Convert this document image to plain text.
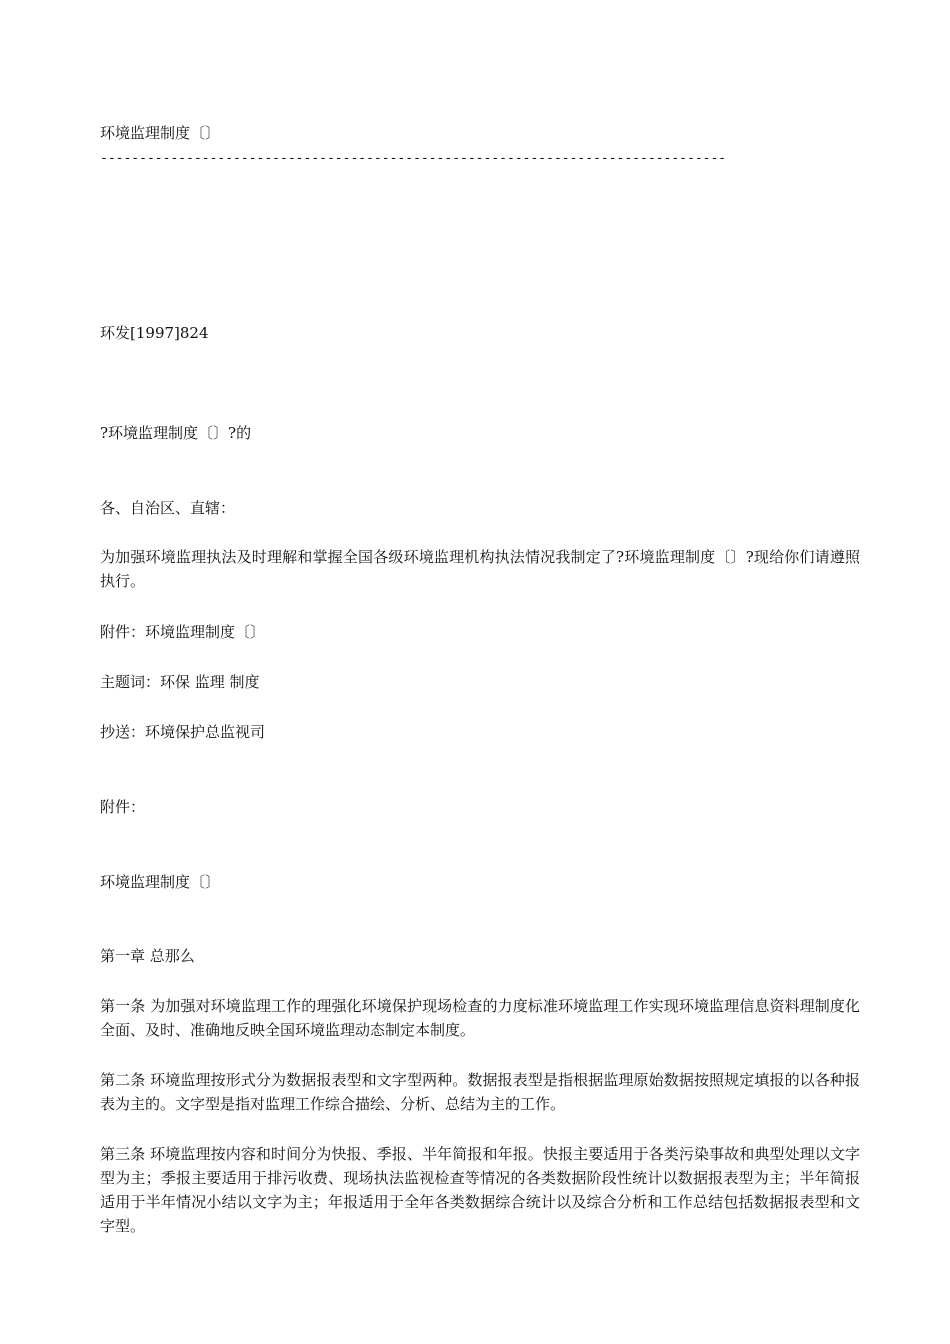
环境监理制度〔〕
--------------------------------------------------------------------------------
环发[1997]824
?环境监理制度〔〕?的
各、自治区、直辖：
为加强环境监理执法及时理解和掌握全国各级环境监理机构执法情况我制定了?环境监理制度〔〕?现给你们请遵照执行。
附件：环境监理制度〔〕
主题词：环保 监理 制度
抄送：环境保护总监视司
附件：
环境监理制度〔〕
第一章 总那么
第一条 为加强对环境监理工作的理强化环境保护现场检查的力度标准环境监理工作实现环境监理信息资料理制度化全面、及时、准确地反映全国环境监理动态制定本制度。
第二条 环境监理按形式分为数据报表型和文字型两种。数据报表型是指根据监理原始数据按照规定填报的以各种报表为主的。文字型是指对监理工作综合描绘、分析、总结为主的工作。
第三条 环境监理按内容和时间分为快报、季报、半年简报和年报。快报主要适用于各类污染事故和典型处理以文字型为主；季报主要适用于排污收费、现场执法监视检查等情况的各类数据阶段性统计以数据报表型为主；半年简报适用于半年情况小结以文字为主；年报适用于全年各类数据综合统计以及综合分析和工作总结包括数据报表型和文字型。
